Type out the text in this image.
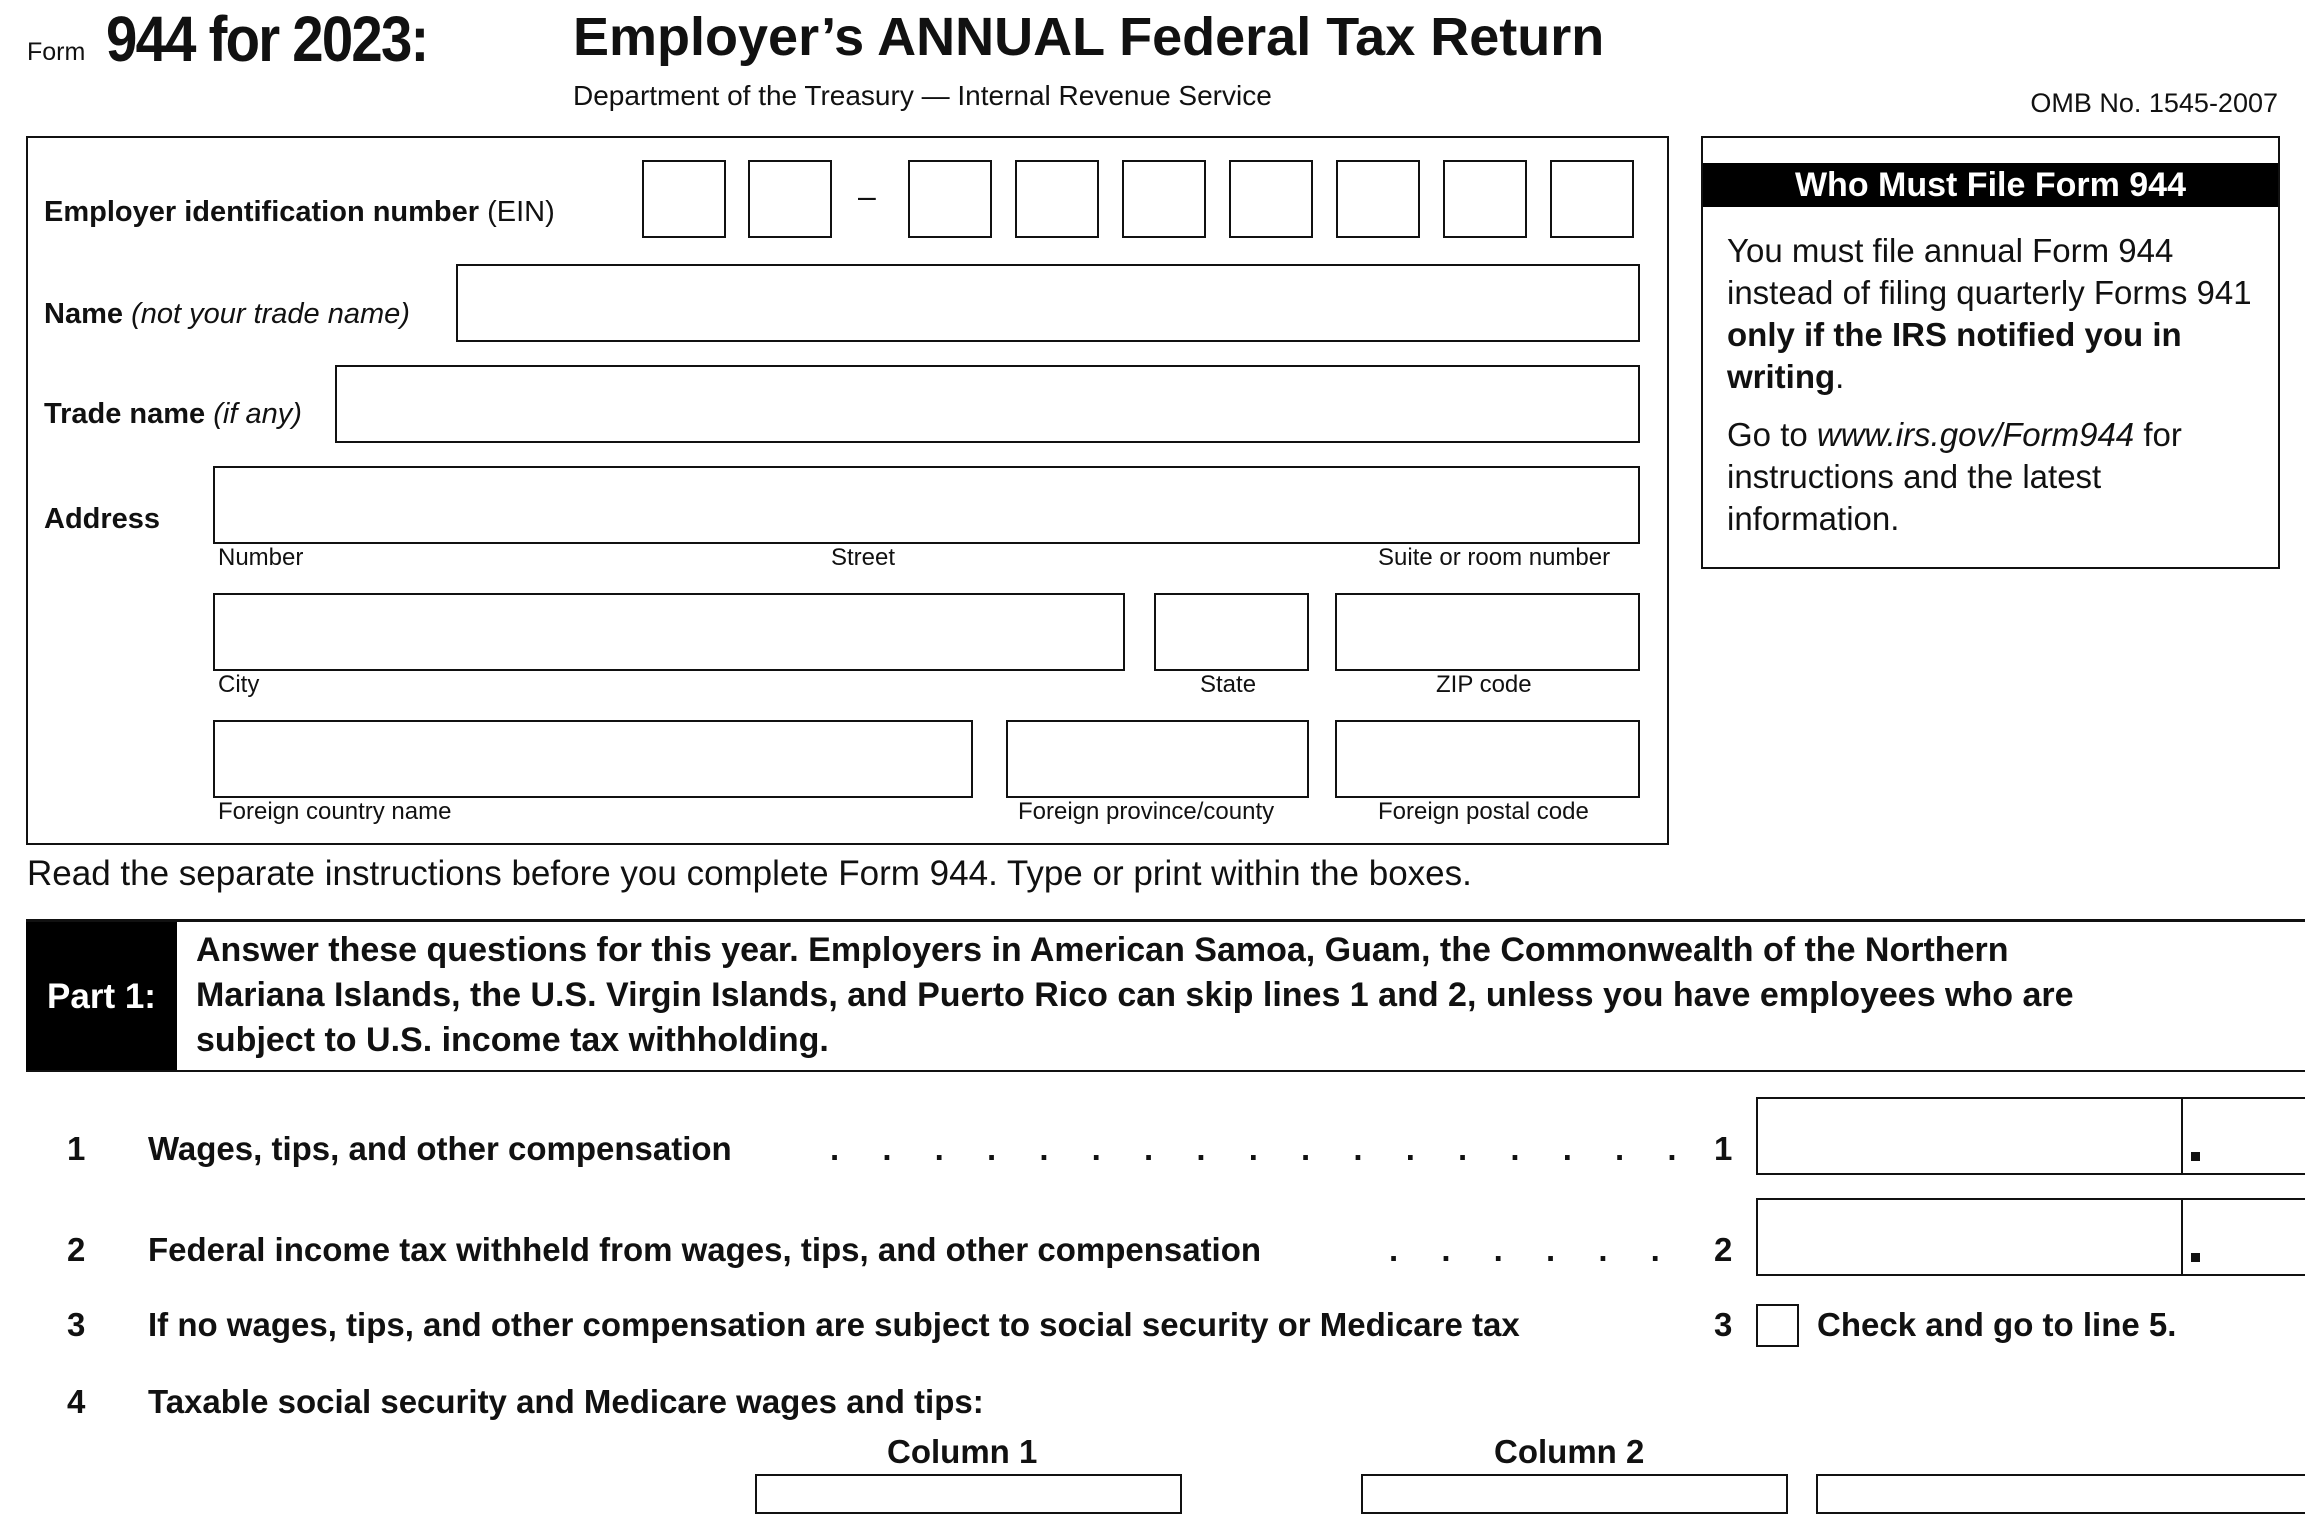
Form 944 for 2023:	Employer’s ANNUAL Federal Tax Return
Department of the Treasury — Internal Revenue Service	OMB No. 1545-2007
Employer identification number (EIN)	–
Name (not your trade name)
Trade name (if any)
Address
Number	Street	Suite or room number
City	State	ZIP code
Foreign country name	Foreign province/county	Foreign postal code
Who Must File Form 944
You must file annual Form 944
instead of filing quarterly Forms 941
only if the IRS notified you in
writing.
Go to www.irs.gov/Form944 for
instructions and the latest
information.
Read the separate instructions before you complete Form 944. Type or print within the boxes.
Part 1:
Answer these questions for this year. Employers in American Samoa, Guam, the Commonwealth of the Northern
Mariana Islands, the U.S. Virgin Islands, and Puerto Rico can skip lines 1 and 2, unless you have employees who are
subject to U.S. income tax withholding.
1 Wages, tips, and other compensation	. . . . . . . . . . . . . . . . . 1
2 Federal income tax withheld from wages, tips, and other compensation	. . . . . . 2
3 If no wages, tips, and other compensation are subject to social security or Medicare tax	3	Check and go to line 5.
4 Taxable social security and Medicare wages and tips:
Column 1	Column 2
